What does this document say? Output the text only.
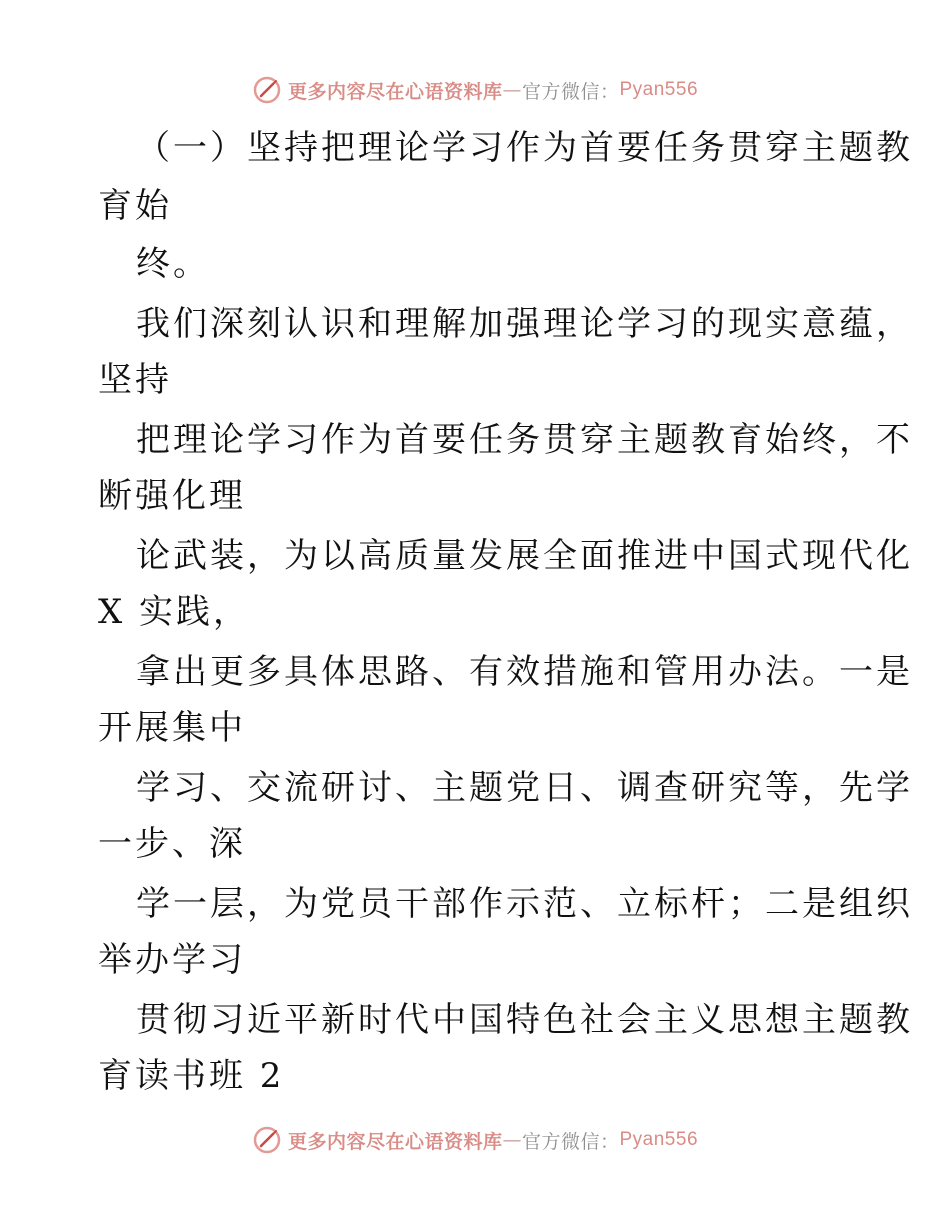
更多内容尽在心语资料库 — 官方微信： Pyan556
（一）坚持把理论学习作为首要任务贯穿主题教
育始
终。
我们深刻认识和理解加强理论学习的现实意蕴，
坚持
把理论学习作为首要任务贯穿主题教育始终，不
断强化理
论武装，为以高质量发展全面推进中国式现代化
X 实践，
拿出更多具体思路、有效措施和管用办法。一是
开展集中
学习、交流研讨、主题党日、调查研究等，先学
一步、深
学一层，为党员干部作示范、立标杆；二是组织
举办学习
贯彻习近平新时代中国特色社会主义思想主题教
育读书班 2
更多内容尽在心语资料库 — 官方微信： Pyan556
